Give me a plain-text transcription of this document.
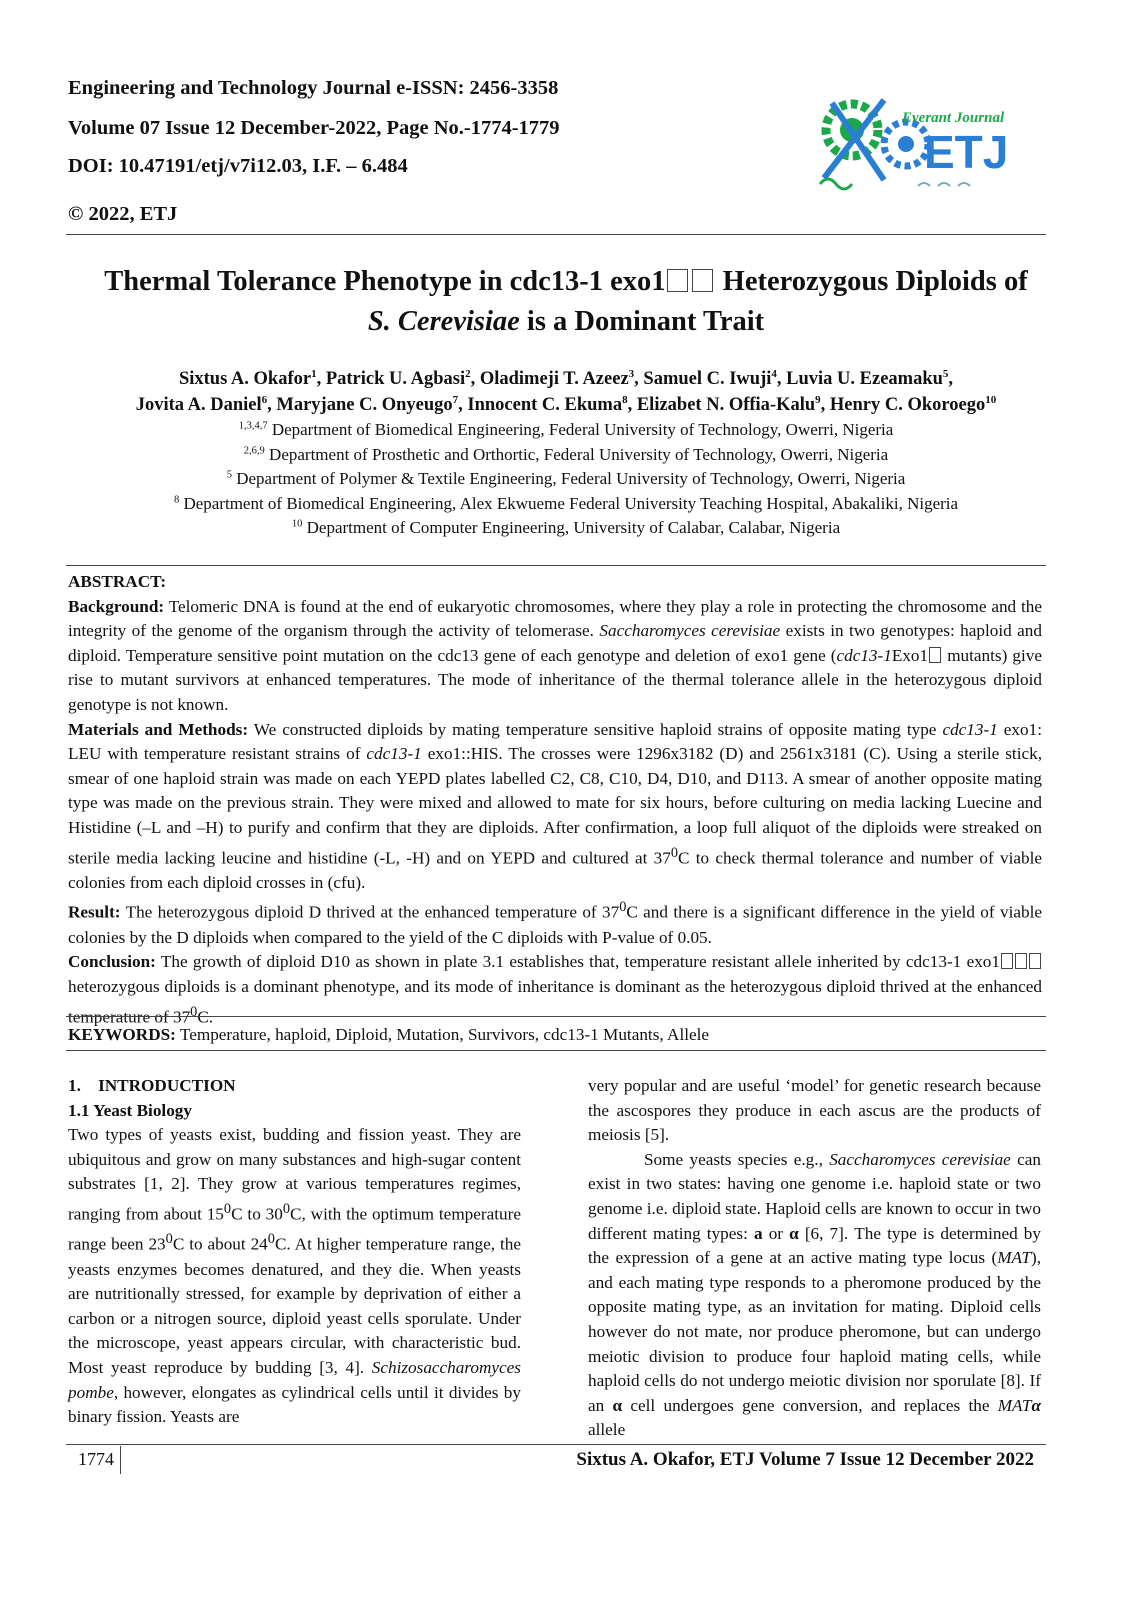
Engineering and Technology Journal e-ISSN: 2456-3358
Volume 07 Issue 12 December-2022, Page No.-1774-1779
DOI: 10.47191/etj/v7i12.03, I.F. – 6.484
© 2022, ETJ
Everant Journal
ETJ
Thermal Tolerance Phenotype in cdc13-1 exo1 Heterozygous Diploids of
S. Cerevisiae is a Dominant Trait
Sixtus A. Okafor$^1$, Patrick U. Agbasi$^2$, Oladimeji T. Azeez$^3$, Samuel C. Iwuji$^4$, Luvia U. Ezeamaku$^5$,
Jovita A. Daniel$^6$, Maryjane C. Onyeugo$^7$, Innocent C. Ekuma$^8$, Elizabet N. Offia-Kalu$^9$, Henry C. Okoroego$^{10}$
$^{1,3,4,7}$ Department of Biomedical Engineering, Federal University of Technology, Owerri, Nigeria
$^{2,6,9}$ Department of Prosthetic and Orthortic, Federal University of Technology, Owerri, Nigeria
$^5$ Department of Polymer & Textile Engineering, Federal University of Technology, Owerri, Nigeria
$^8$ Department of Biomedical Engineering, Alex Ekwueme Federal University Teaching Hospital, Abakaliki, Nigeria
$^{10}$ Department of Computer Engineering, University of Calabar, Calabar, Nigeria

ABSTRACT:

Background: Telomeric DNA is found at the end of eukaryotic chromosomes, where they play a role in protecting the chromosome and the integrity of the genome of the organism through the activity of telomerase. Saccharomyces cerevisiae exists in two genotypes: haploid and diploid. Temperature sensitive point mutation on the cdc13 gene of each genotype and deletion of exo1 gene (cdc13-1Exo1 mutants) give rise to mutant survivors at enhanced temperatures. The mode of inheritance of the thermal tolerance allele in the heterozygous diploid genotype is not known.

Materials and Methods: We constructed diploids by mating temperature sensitive haploid strains of opposite mating type cdc13-1 exo1: LEU with temperature resistant strains of cdc13-1 exo1::HIS. The crosses were 1296x3182 (D) and 2561x3181 (C). Using a sterile stick, smear of one haploid strain was made on each YEPD plates labelled C2, C8, C10, D4, D10, and D113. A smear of another opposite mating type was made on the previous strain. They were mixed and allowed to mate for six hours, before culturing on media lacking Luecine and Histidine (–L and –H) to purify and confirm that they are diploids. After confirmation, a loop full aliquot of the diploids were streaked on sterile media lacking leucine and histidine (-L, -H) and on YEPD and cultured at $37^0C$ to check thermal tolerance and number of viable colonies from each diploid crosses in (cfu).

Result: The heterozygous diploid D thrived at the enhanced temperature of $37^0C$ and there is a significant difference in the yield of viable colonies by the D diploids when compared to the yield of the C diploids with P-value of 0.05.

Conclusion: The growth of diploid D10 as shown in plate 3.1 establishes that, temperature resistant allele inherited by cdc13-1 exo1heterozygous diploids is a dominant phenotype, and its mode of inheritance is dominant as the heterozygous diploid thrived at the enhanced temperature of $37^0C$.

KEYWORDS: Temperature, haploid, Diploid, Mutation, Survivors, cdc13-1 Mutants, Allele

1.    INTRODUCTION

1.1 Yeast Biology

Two types of yeasts exist, budding and fission yeast. They are ubiquitous and grow on many substances and high-sugar content substrates [1, 2]. They grow at various temperatures regimes, ranging from about $15^0C$ to $30^0C$, with the optimum temperature range been $23^0C$ to about $24^0C$. At higher temperature range, the yeasts enzymes becomes denatured, and they die. When yeasts are nutritionally stressed, for example by deprivation of either a carbon or a nitrogen source, diploid yeast cells sporulate. Under the microscope, yeast appears circular, with characteristic bud. Most yeast reproduce by budding [3, 4]. Schizosaccharomyces pombe, however, elongates as cylindrical cells until it divides by binary fission. Yeasts are

very popular and are useful ‘model’ for genetic research because the ascospores they produce in each ascus are the products of meiosis [5].

Some yeasts species e.g., Saccharomyces cerevisiae can exist in two states: having one genome i.e. haploid state or two genome i.e. diploid state. Haploid cells are known to occur in two different mating types: a or α [6, 7]. The type is determined by the expression of a gene at an active mating type locus (MAT), and each mating type responds to a pheromone produced by the opposite mating type, as an invitation for mating. Diploid cells however do not mate, nor produce pheromone, but can undergo meiotic division to produce four haploid mating cells, while haploid cells do not undergo meiotic division nor sporulate [8]. If an α cell undergoes gene conversion, and replaces the MATα allele

1774	Sixtus A. Okafor, ETJ Volume 7 Issue 12 December 2022
